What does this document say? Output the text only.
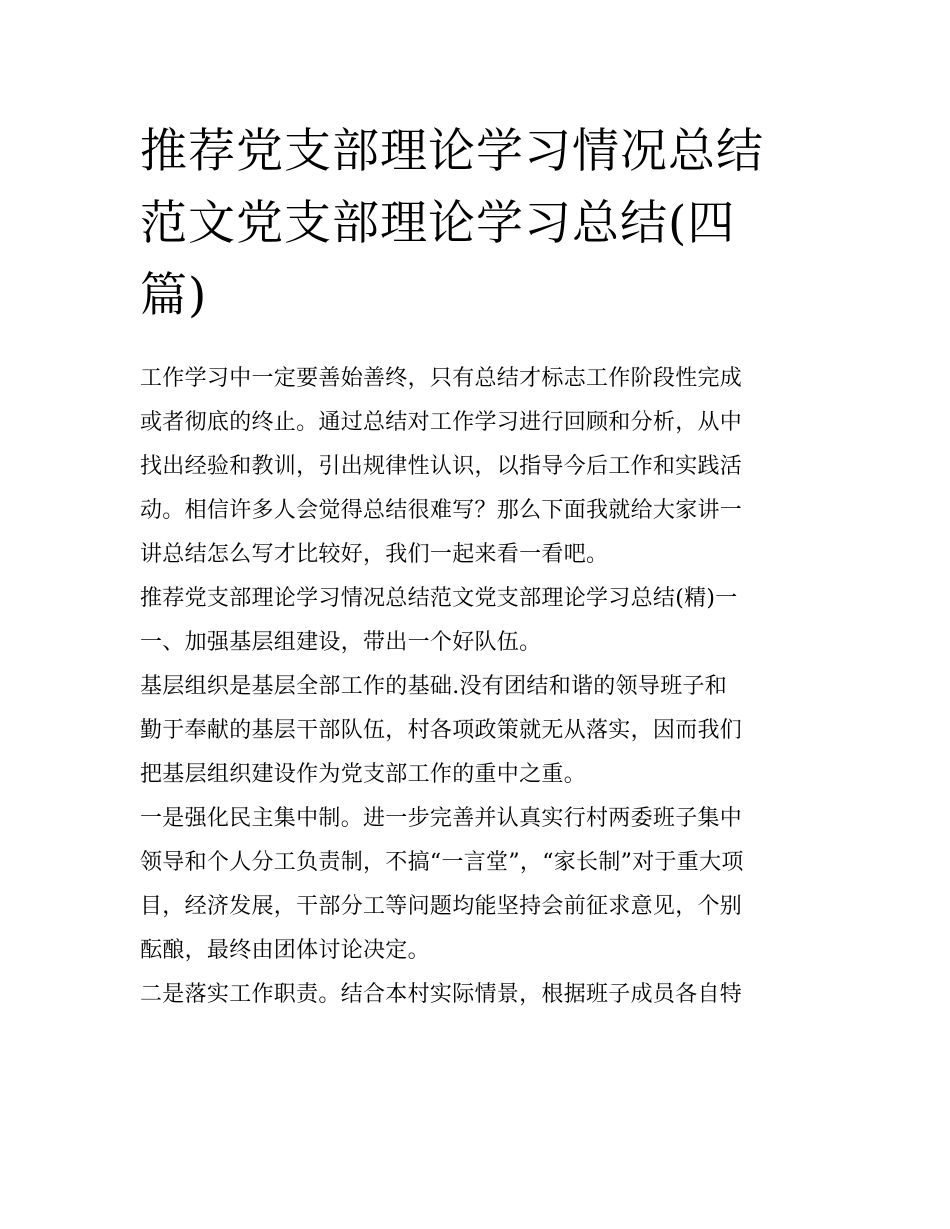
推荐党支部理论学习情况总结
范文党支部理论学习总结(四
篇)

工作学习中一定要善始善终，只有总结才标志工作阶段性完成
或者彻底的终止。通过总结对工作学习进行回顾和分析，从中
找出经验和教训，引出规律性认识，以指导今后工作和实践活
动。相信许多人会觉得总结很难写？那么下面我就给大家讲一
讲总结怎么写才比较好，我们一起来看一看吧。

推荐党支部理论学习情况总结范文党支部理论学习总结(精)一

一、加强基层组建设，带出一个好队伍。

基层组织是基层全部工作的基础.没有团结和谐的领导班子和
勤于奉献的基层干部队伍，村各项政策就无从落实，因而我们
把基层组织建设作为党支部工作的重中之重。

一是强化民主集中制。进一步完善并认真实行村两委班子集中
领导和个人分工负责制，不搞“一言堂”，“家长制”对于重大项
目，经济发展，干部分工等问题均能坚持会前征求意见，个别
酝酿，最终由团体讨论决定。

二是落实工作职责。结合本村实际情景，根据班子成员各自特
